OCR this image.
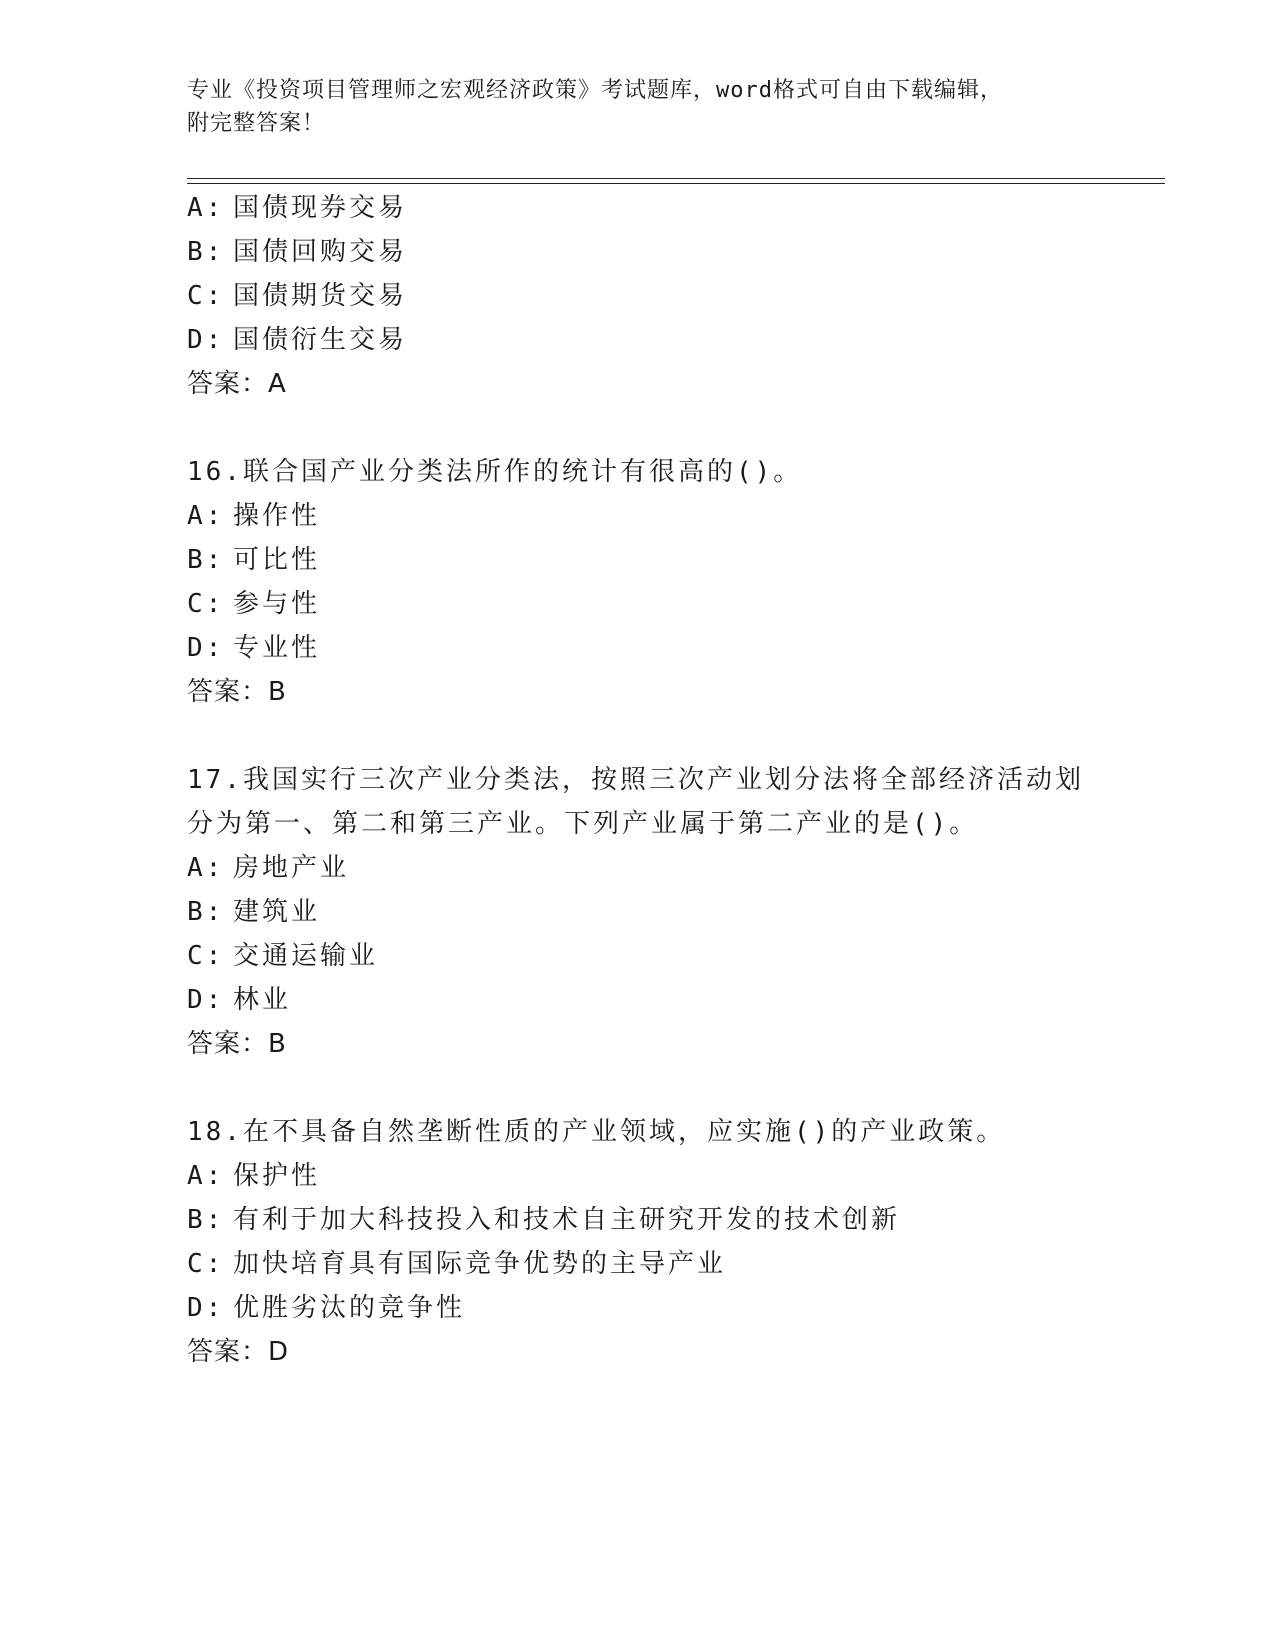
专业《投资项目管理师之宏观经济政策》考试题库，word格式可自由下载编辑，
附完整答案！
A: 国债现券交易
B: 国债回购交易
C: 国债期货交易
D: 国债衍生交易
答案：A
16.联合国产业分类法所作的统计有很高的()。
A: 操作性
B: 可比性
C: 参与性
D: 专业性
答案：B
17.我国实行三次产业分类法，按照三次产业划分法将全部经济活动划
分为第一、第二和第三产业。下列产业属于第二产业的是()。
A: 房地产业
B: 建筑业
C: 交通运输业
D: 林业
答案：B
18.在不具备自然垄断性质的产业领域，应实施()的产业政策。
A: 保护性
B: 有利于加大科技投入和技术自主研究开发的技术创新
C: 加快培育具有国际竞争优势的主导产业
D: 优胜劣汰的竞争性
答案：D
